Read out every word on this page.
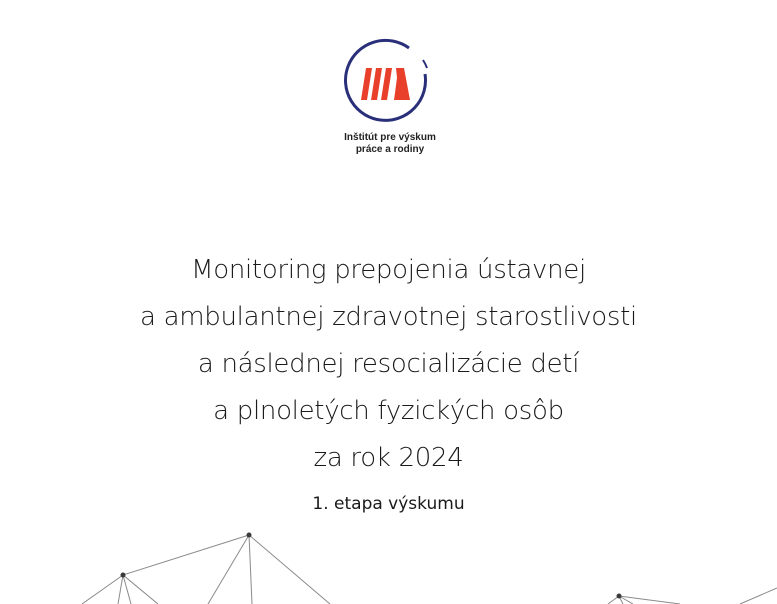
Inštitút pre výskum
práce a rodiny
Monitoring prepojenia ústavnej
a ambulantnej zdravotnej starostlivosti
a následnej resocializácie detí
a plnoletých fyzických osôb
za rok 2024
1. etapa výskumu
